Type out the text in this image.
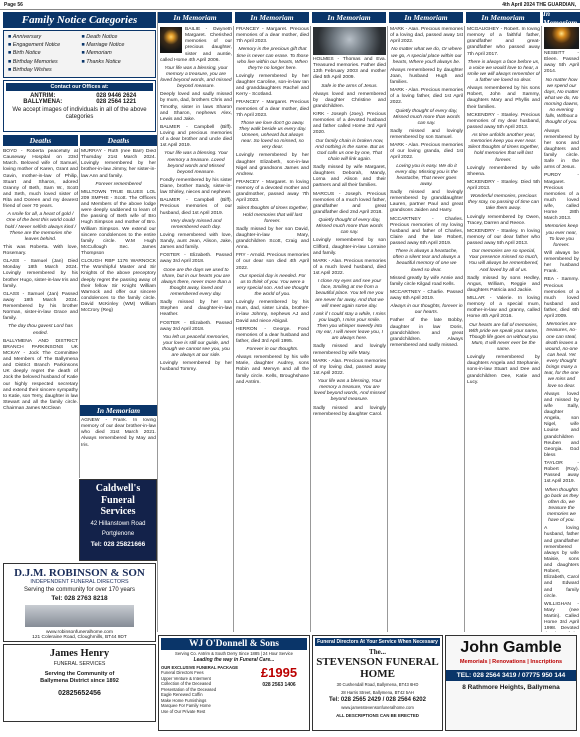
Page 56	4th April 2024 THE GUARDIAN,
Family Notice Categories
■ Anniversary	■ Death Notice
■ Engagement Notice	■ Marriage Notice
■ Birth Notice	■ Memoriam
■ Birthday Memories	■ Thanks Notice
■ Birthday Wishes
Contact our Offices at:
ANTRIM:	028 9446 2624
BALLYMENA:	028 2564 1221
We accept images of individuals in all of the above categories
Deaths	Deaths
In Memoriam
In Memoriam	In Memoriam	In Memoriam	In Memoriam	In Memoriam	In Memoriam

BOYD - Roberta peacefully at Causeway Hospital on 23rd March. Beloved wife of Samuel, loving mother of Karen, Grant and Gavin, mother-in-law of Philip, Stuart and Sharon, adored Granny of Beth, Sam W., Scott and Seth, much loved sister of Rita and Doreen and my dearest friend of over 70 years.

A smile for all, a heart of gold / One of the best this world could hold / Never selfish always kind / These are the memories she leaves behind.

This was Roberta. With love, Rosemary.

GLASS - Samuel (Jan) Died Monday 18th March 2024. Lovingly remembered by his brother Hugo, sister-in-law Iris and family.

GLASS - Samuel (Jan) Passed away 18th March 2024. Remembered by his brother Norman, sister-in-law Grace and family.

The day thou gavest Lord has ended.

BALLYMENA AND DISTRICT BRANCH PARKINSONS UK MCKAY - Jock The Committee and Members of The Ballymena and District Branch Parkinsons UK deeply regret the death of Jock the beloved husband of Katie our highly respected secretary and extend their sincere sympathy to Katie, son Terry, daughter in law Stewart and all the family circle. Chairman James McClean

MURRAY - Ruth (nee Barr) Died Thursday 21st March 2024. Lovingly remembered by her brother-in-law Jimmy, her sister-in-law Ann and family.

Forever remembered

MILLTOWN TRUE BLUES LOL 209 SMPHE - Scott. The Officers and Members of the above lodge were deeply saddened to learn of the passing of Beth wife of Bro Hugh Simpson and mother of Bro. William Simpson. We extend our sincere condolences to the entire family circle. W.M Hugh McCullough Sec. James Thompson

CLOUGH RBP 1176 WARNOCK The Worshipful Master and Sir Knights of the above preceptory deeply regret the passing away of their fellow Sir Knight William Warnock and offer our sincere condolences to the family circle. David McKinley (WM) William McCrory (Reg)

AGNEW - Frank. In loving memory of our dear brother-in-law who died 31st March 2021. Always remembered by May and Iris.

BAILIE - Gwyneth Margaret. Cherished memories of our precious daughter, sister and auntie, called Home 4th April 2006.

Your life was a blessing, your memory a treasure, you are loved beyond words, and missed beyond measure.

Deeply loved and sadly missed by mum, dad, brothers Chris and Timothy, sister in laws Sharon and Sharon, nephews Alex, Lewis and Jake.

BALMER - Campbell (Biff). Loving and precious memories of a dear brother and uncle died 1st April 2019.

Your life was a blessing. Your memory a treasure. Loved beyond words and Missed beyond measure.

Fondly remembered by his sister Diane, brother Sandy, sister-in-law Shirley, nieces and nephews

BALMER - Campbell (Biff). Precious memories of our husband, died 1st April 2019.

Very dearly missed and remembered each day.

Loving remembered with love, Sandy, aunt Jean, Alison, Jake, James and family.

FOSTER - Elizabeth. Passed away 3rd April 2018.

Gone are the days we used to share, but in our hearts you are always there, never more than a thought away, loved and remembered every day.

Sadly missed by her son Stephen and daughter-in-law Heather.

FOSTER - Elizabeth. Passed away 3rd April 2018.

You left us peaceful memories, your love is still our guide, and though we cannot see you, you are always at our side.

Lovingly remembered by her husband Tommy.

FRANCEY - Margaret. Precious memories of a dear mother, died 7th April 2023.

Memory is the precious gift that time is never can erase. To those who live within our hearts, When they're no longer here.

Lovingly remembered by her daughter Caroline, son-in-law Ian and granddaughters Rachel and Kerry - Scotland.

FRANCEY - Margaret. Precious memories of a dear mother, died 7th April 2023.

Those we love don't go away. They walk beside us every day. Unseen, unheard but always near. So loved so missed, so very dear.

Lovingly remembered by her daughter Elizabeth, son-in-law Nigel and grandsons James and Andrew.

FRANCEY - Margaret. In loving memory of a devoted mother and grandmother, passed away 7th April 2023.

Silent thoughts of times together, Hold memories that will last forever.

Sadly missed by her son David, daughter-in-law Mary, grandchildren Scott, Craig and Anna.

FRY - Arnold. Precious memories of our dear son died 4th April 2022.

Our special day is needed. For us to think of you. You were a very special son. And we thought the world of you.

Lovingly remembered by his mum, dad, sister Linda, brother-in-law Johnny, nephews AJ and David and niece Abigail.

HERRON - George. Fond memories of a dear husband and father, died 3rd April 1995.

Forever in our thoughts.

Always remembered by his wife Marie, daughter Audrey, sons Robin and Mervyn and all the family circle. Kells, Broughshane and Antrim.

HOLMES - Thomas and Eva. Treasured memories. Father died 13th February 2003 and mother died 5th April 2009.

Safe in the arms of Jesus.

Always loved and remembered by daughter Christine and grandchildren.

KIRK - Joseph (Joey). Precious memories of a devoted husband and father called Home 3rd April 2020.

Our family chain is broken now, And nothing is the same. But as God calls us one by one, That chain will link again.

Sadly missed by wife Margaret, daughters Deborah, Mandy, Lorna and Alison and their partners and all their families.

MARCUS - Joseph. Precious memories of a much loved father, grandfather and great grandfather died 2nd April 2018.

Quietly thought of every day, Missed much more than words can say.

Lovingly remembered by son Clifford, daughter-in-law Lorraine and family.

MARK - Alan. Precious memories of a much loved husband, died 1st April 2022.

I close my eyes and see your face, Smiling at me from a beautiful place. You tell me you are never far away, And that we will meet again some day.

I ask if I could stay a while, I miss you laugh, I miss your smile. Then you whisper sweetly into my ear, I will never leave you, I am always here.

Sadly missed and lovingly remembered by wife Mary.

MARK - Alan. Precious memories of my loving dad, passed away 1st April 2022.

Your life was a blessing, Your memory a treasure, You are loved beyond words, And missed beyond measure.

Sadly missed and lovingly remembered by daughter Carol.

MARK - Alan. Precious memories of a loving dad, passed away 1st April 2022.

No matter what we do, Or where we go, A special place within our hearts, Where you'll always be.

Always remembered by daughter Joan, husband Hugh and families.

MARK - Alan. Precious memories of a loving father, died 1st April 2022.

Quietly thought of every day, Missed much more than words can say.

Sadly missed and lovingly remembered by son Samuel.

MARK - Alan. Precious memories of our loving granda, died 1st April 2022.

Loving you is easy. We do it every day. Missing you is the heartache, That never goes away.

Sadly missed and lovingly remembered by granddaughter Lauren, partner Paul and great grandsons Jaiden and Harry.

MCCARTNEY - Charles. Precious memories of my loving husband and father of Charles, Claire and the late Robert, passed away 6th April 2019.

There is always a heartache, often a silent tear and always a beautiful memory of one we loved so dear.

Missed greatly by wife Annie and family circle Kilgad road Kells.

MCCARTNEY - Charlie. Passed away 6th April 2019.

Always in our thoughts, forever in our hearts.

Father of the late Bobby, daughter in law Doris, grandchildren and great grandchildren. Always remembered and sadly missed.

MCGAUGHEY - Robert. In loving memory of a faithful father, grandfather and great-grandfather who passed away 7th April 2017.

There is always a face before us, a voice we would love to hear, a smile we will always remember of a father we loved so dear.

Always remembered by his sons Robert, John and Sammy, daughters Mary and Phyllis and their families.

MCKENDRY - Stanley. Precious memories of my dear husband, passed away 5th April 2013.

As time unfolds another year, memories keep you ever near. Silent thoughts of times together, hold memories that will last forever.

Lovingly remembered by wife Sheena.

MCKENDRY - Stanley. Died 5th April 2013.

Wonderful memories, precious they stay, no passing of time can take them away.

Lovingly remembered by Owen, Tracey, Darren and Reece.

MCKENDRY - Stanley. In loving memory of our dear father who passed away 5th April 2013.

Our memories are so special, Your presence missed so much, You will always be remembered, And loved by all of us.

Sadly missed by sons Hedley, Angus, William, Reggie and daughters Patricia and Jackie.

MILLAR - Valerie. In loving memory of a special mum, mother-in-law and granny, called Home 4th April 2016.

Our hearts are full of memories, With pride we speak your name, Though life goes on without you Mum, It will never ever be the same.

Lovingly remembered by daughters Angela and Stephanie, sons-in-law Stuart and Dee and grandchildren Dee, Katie and Lucy.

NESBITT - Eleen. Passed away 5th April 2014.

No matter how we spend our days, No matter what we do, No morning dawns, no evening falls, Without a thought of you.

Always remembered by her sons and daughters and family circle. Safe in the arms of Jesus.

PURDY - Margaret. Precious memories of a much loved wife, called Home 28th March 2013.

Memories keep you ever near, To love you forever.

Will always be remembered by her husband Frank.

REA - Sammy. Precious memories of a much loved husband and father, died 6th April 2009.

Memories are treasures, no-one can steal, death leaves a wound, no-one can heal. Yet every thought brings many a tear, for the one we miss and love so dear.

Always loved and missed by wife Sally, daughter Angela, son Nigel, wife Louise and grandchildren Reuben and Georgia. God bless

TAYLOR - Robert (Roy). Passed away 1st April 2019.

When thoughts go back as they often do, we treasure the memories we have of you.

A loving husband, father and grandfather remembered always by wife Maisie, sons and daughters Robert, Elizabeth, Carol and Edward and family circle.

WILLIGHAN - Mary (nee Martin). Called Home 3rd April 1998. Devoted

Caldwell's Funeral Services
42 Hillanstown Road
Portglenone
Tel: 028 25821666
D.J.M. ROBINSON & SON
INDEPENDENT FUNERAL DIRECTORS
Serving the community for over 170 years
Tel: 028 2763 8218
www.robinsonfuneralhome.com
121 Coleraine Road, Cloughmills, BT44 9DT
James Henry
FUNERAL SERVICES
Serving the Community of
Ballymena District since 1892
02825652456
WJ O'Donnell & Sons
Serving Co. Antrim & South Derry Since 1885 | 24 Hour Service
Leading the way in Funeral Care...
OUR EXCLUSIVE FUNERAL PACKAGE
Funeral Directors Fees
Upper Venture & Interment
Collection of the Deceased
Presentation of the Deceased
Eagle Renewed Coffin
Make Home Furnishings
Marquee For Family Home
Use of Our Private Rest
£1995
028 2563 1406
Funeral Directors At Your Service When Necessary
The...
STEVENSON FUNERAL HOME
30 Cushendall Road, Ballymena, BT43 6HD
28 Harris Street, Ballymena, BT42 5AH
Tel: 028 2565 2429 / 028 2564 6202
www.jamesstevensonfuneralhome.com
ALL DESCRIPTIONS CAN BE ERECTED
John Gamble
Memorials | Renovations | Inscriptions
TEL: 028 2564 3419 / 07775 950 144
8 Rathmore Heights, Ballymena
